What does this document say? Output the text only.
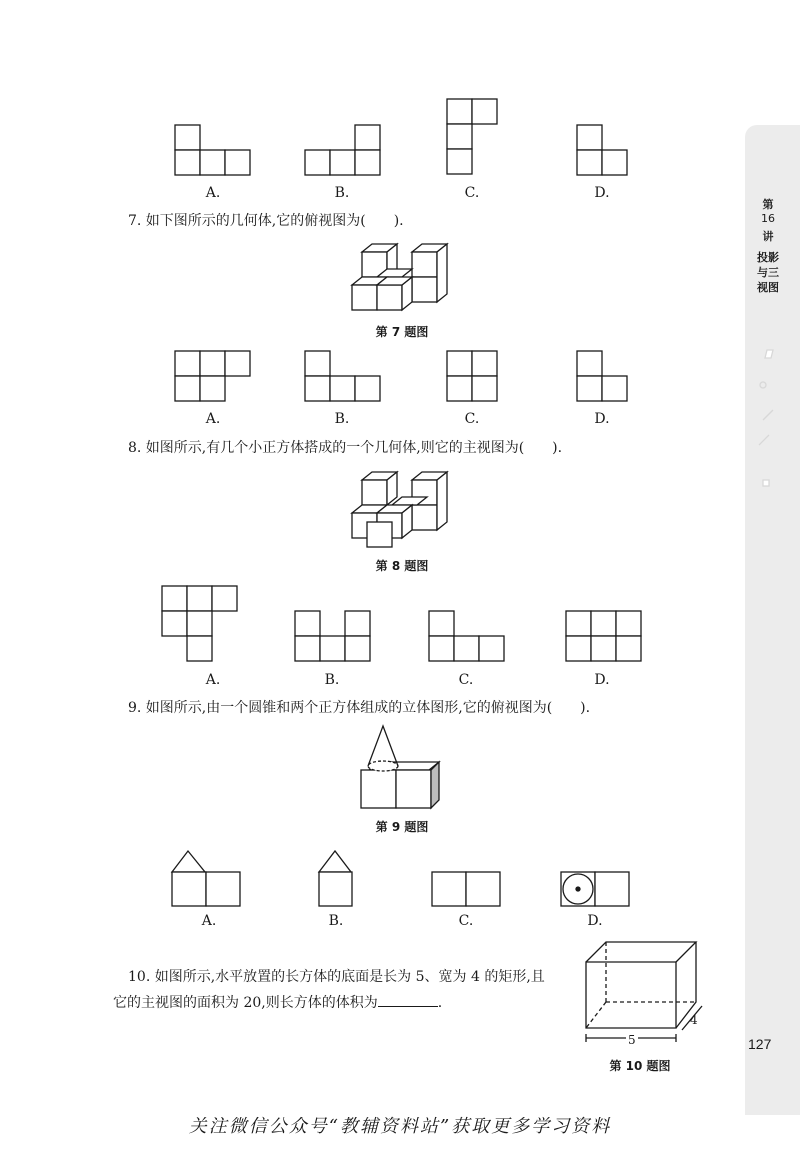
第
16
讲
投影与三视图
A.	B.	C.	D.
7. 如下图所示的几何体,它的俯视图为(　　).
第 7 题图
A.	B.	C.	D.
8. 如图所示,有几个小正方体搭成的一个几何体,则它的主视图为(　　).
第 8 题图
A.	B.	C.	D.
9. 如图所示,由一个圆锥和两个正方体组成的立体图形,它的俯视图为(　　).
第 9 题图
A.	B.	C.	D.
10. 如图所示,水平放置的长方体的底面是长为 5、宽为 4 的矩形,且
它的主视图的面积为 20,则长方体的体积为	.
5
4
第 10 题图
127
关注微信公众号“教辅资料站”获取更多学习资料
